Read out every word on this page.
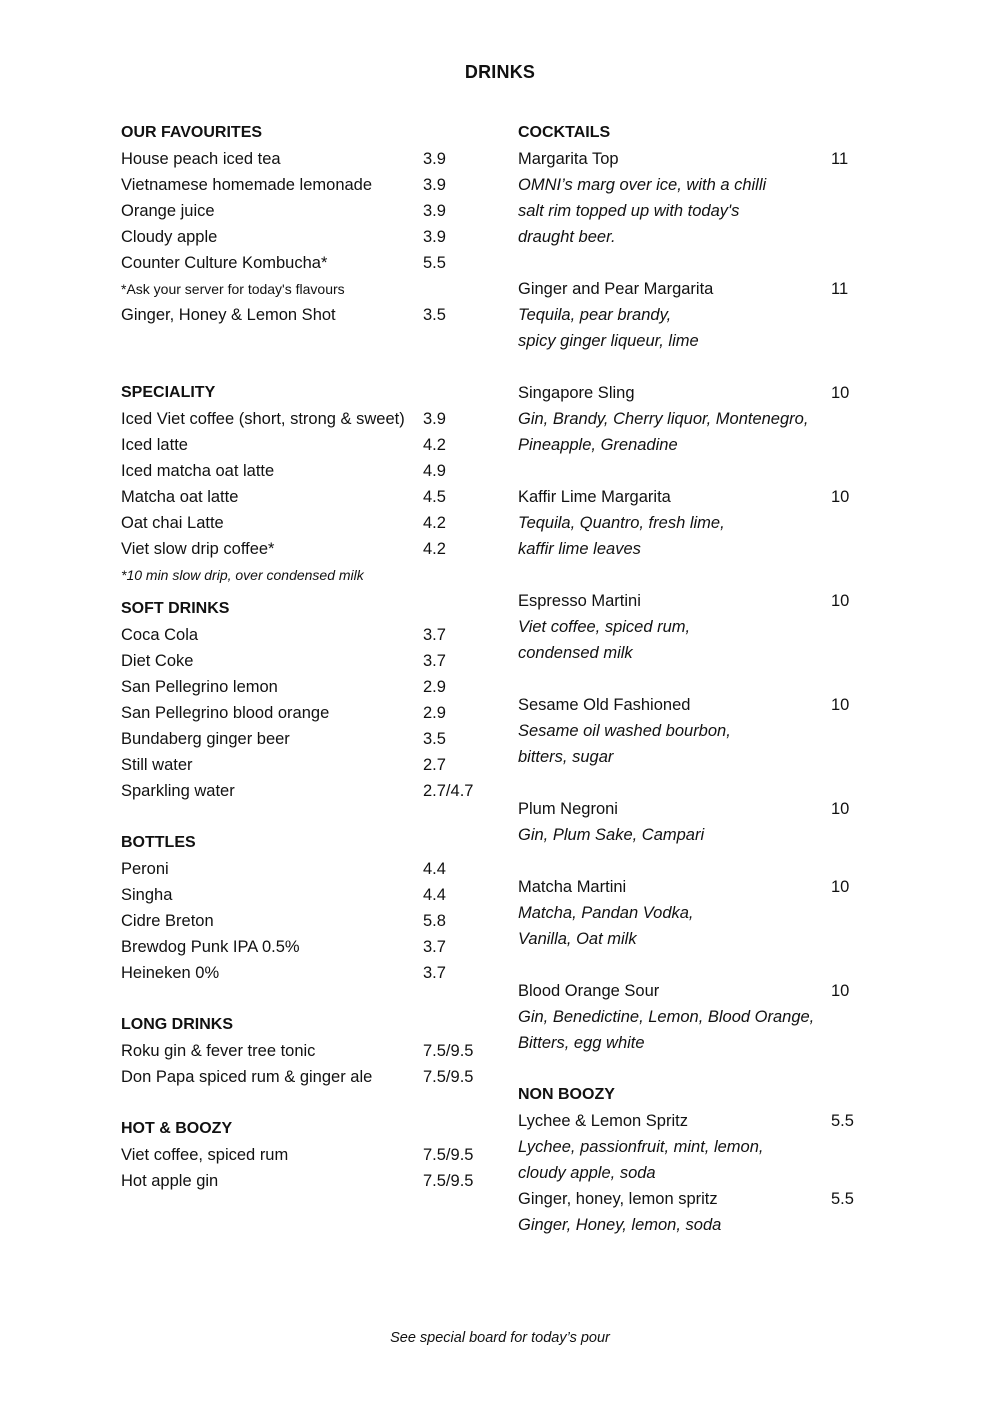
DRINKS
OUR FAVOURITES
House peach iced tea	3.9
Vietnamese homemade lemonade	3.9
Orange juice	3.9
Cloudy apple	3.9
Counter Culture Kombucha*	5.5
*Ask your server for today's flavours
Ginger, Honey & Lemon Shot	3.5
SPECIALITY
Iced Viet coffee (short, strong & sweet) 3.9
Iced latte	4.2
Iced matcha oat latte	4.9
Matcha oat latte	4.5
Oat chai Latte	4.2
Viet slow drip coffee*	4.2
*10 min slow drip, over condensed milk
SOFT DRINKS
Coca Cola	3.7
Diet Coke	3.7
San Pellegrino lemon	2.9
San Pellegrino blood orange	2.9
Bundaberg ginger beer	3.5
Still water	2.7
Sparkling water	2.7/4.7
BOTTLES
Peroni	4.4
Singha	4.4
Cidre Breton	5.8
Brewdog Punk IPA 0.5%	3.7
Heineken 0%	3.7
LONG DRINKS
Roku gin & fever tree tonic	7.5/9.5
Don Papa spiced rum & ginger ale	7.5/9.5
HOT & BOOZY
Viet coffee, spiced rum	7.5/9.5
Hot apple gin	7.5/9.5
COCKTAILS
Margarita Top	11
OMNI’s marg over ice, with a chilli
salt rim topped up with today's
draught beer.
Ginger and Pear Margarita	11
Tequila, pear brandy,
spicy ginger liqueur, lime
Singapore Sling	10
Gin, Brandy, Cherry liquor, Montenegro,
Pineapple, Grenadine
Kaffir Lime Margarita	10
Tequila, Quantro, fresh lime,
kaffir lime leaves
Espresso Martini	10
Viet coffee, spiced rum,
condensed milk
Sesame Old Fashioned	10
Sesame oil washed bourbon,
bitters, sugar
Plum Negroni	10
Gin, Plum Sake, Campari
Matcha Martini	10
Matcha, Pandan Vodka,
Vanilla, Oat milk
Blood Orange Sour	10
Gin, Benedictine, Lemon, Blood Orange,
Bitters, egg white
NON BOOZY
Lychee & Lemon Spritz	5.5
Lychee, passionfruit, mint, lemon,
cloudy apple, soda
Ginger, honey, lemon spritz	5.5
Ginger, Honey, lemon, soda
See special board for today’s pour
